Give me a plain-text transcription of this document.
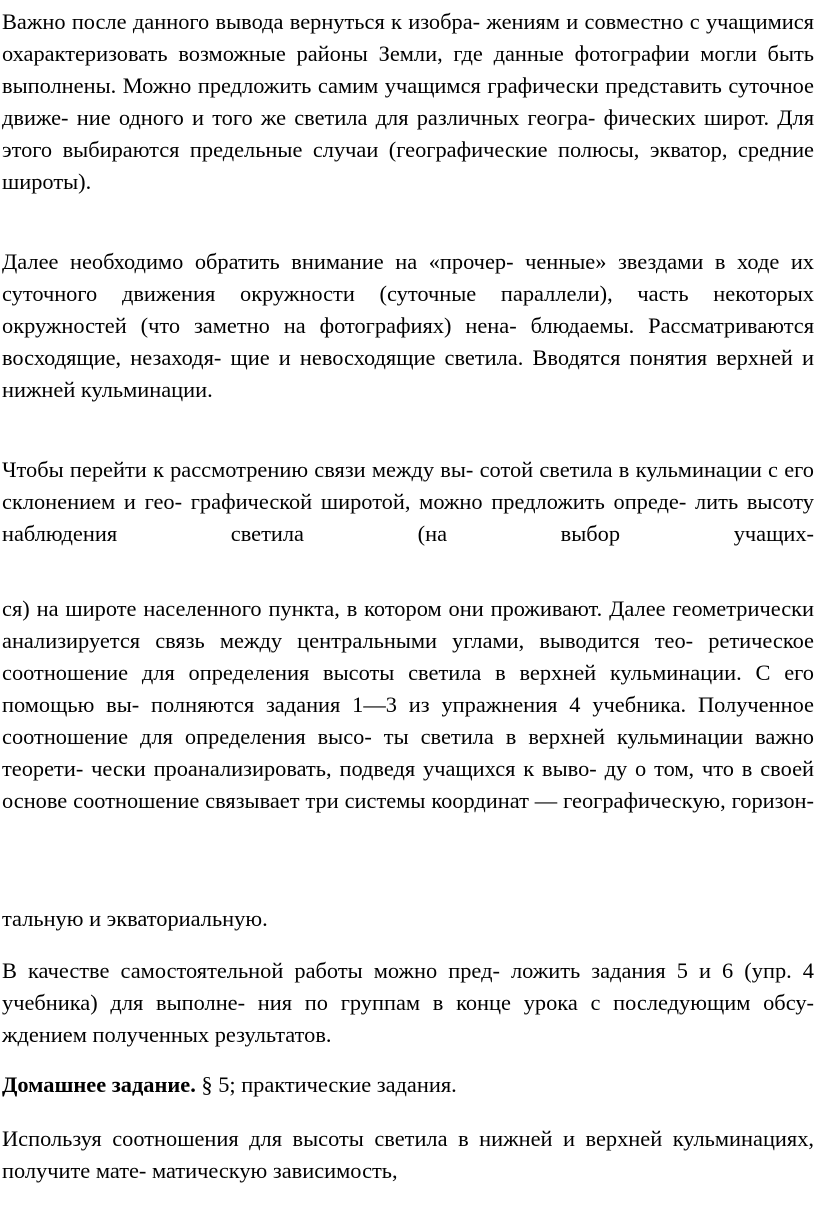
Важно после данного вывода вернуться к изобра- жениям и совместно с учащимися охарактеризовать возможные районы Земли, где данные фотографии могли быть выполнены. Можно предложить самим учащимся графически представить суточное движе- ние одного и того же светила для различных геогра- фических широт. Для этого выбираются предельные случаи (географические полюсы, экватор, средние широты).

Далее необходимо обратить внимание на «прочер- ченные» звездами в ходе их суточного движения окружности (суточные параллели), часть некоторых окружностей (что заметно на фотографиях) нена- блюдаемы. Рассматриваются восходящие, незаходя- щие и невосходящие светила. Вводятся понятия верхней и нижней кульминации.

Чтобы перейти к рассмотрению связи между вы- сотой светила в кульминации с его склонением и гео- графической широтой, можно предложить опреде- лить высоту наблюдения светила (на выбор учащих-

ся) на широте населенного пункта, в котором они проживают. Далее геометрически анализируется связь между центральными углами, выводится тео- ретическое соотношение для определения высоты светила в верхней кульминации. С его помощью вы- полняются задания 1—3 из упражнения 4 учебника. Полученное соотношение для определения высо- ты светила в верхней кульминации важно теорети- чески проанализировать, подведя учащихся к выво- ду о том, что в своей основе соотношение связывает три системы координат — географическую, горизон-

тальную и экваториальную.

В качестве самостоятельной работы можно пред- ложить задания 5 и 6 (упр. 4 учебника) для выполне- ния по группам в конце урока с последующим обсу- ждением полученных результатов.

Домашнее задание. § 5; практические задания.

Используя соотношения для высоты светила в нижней и верхней кульминациях, получите мате- матическую зависимость,
